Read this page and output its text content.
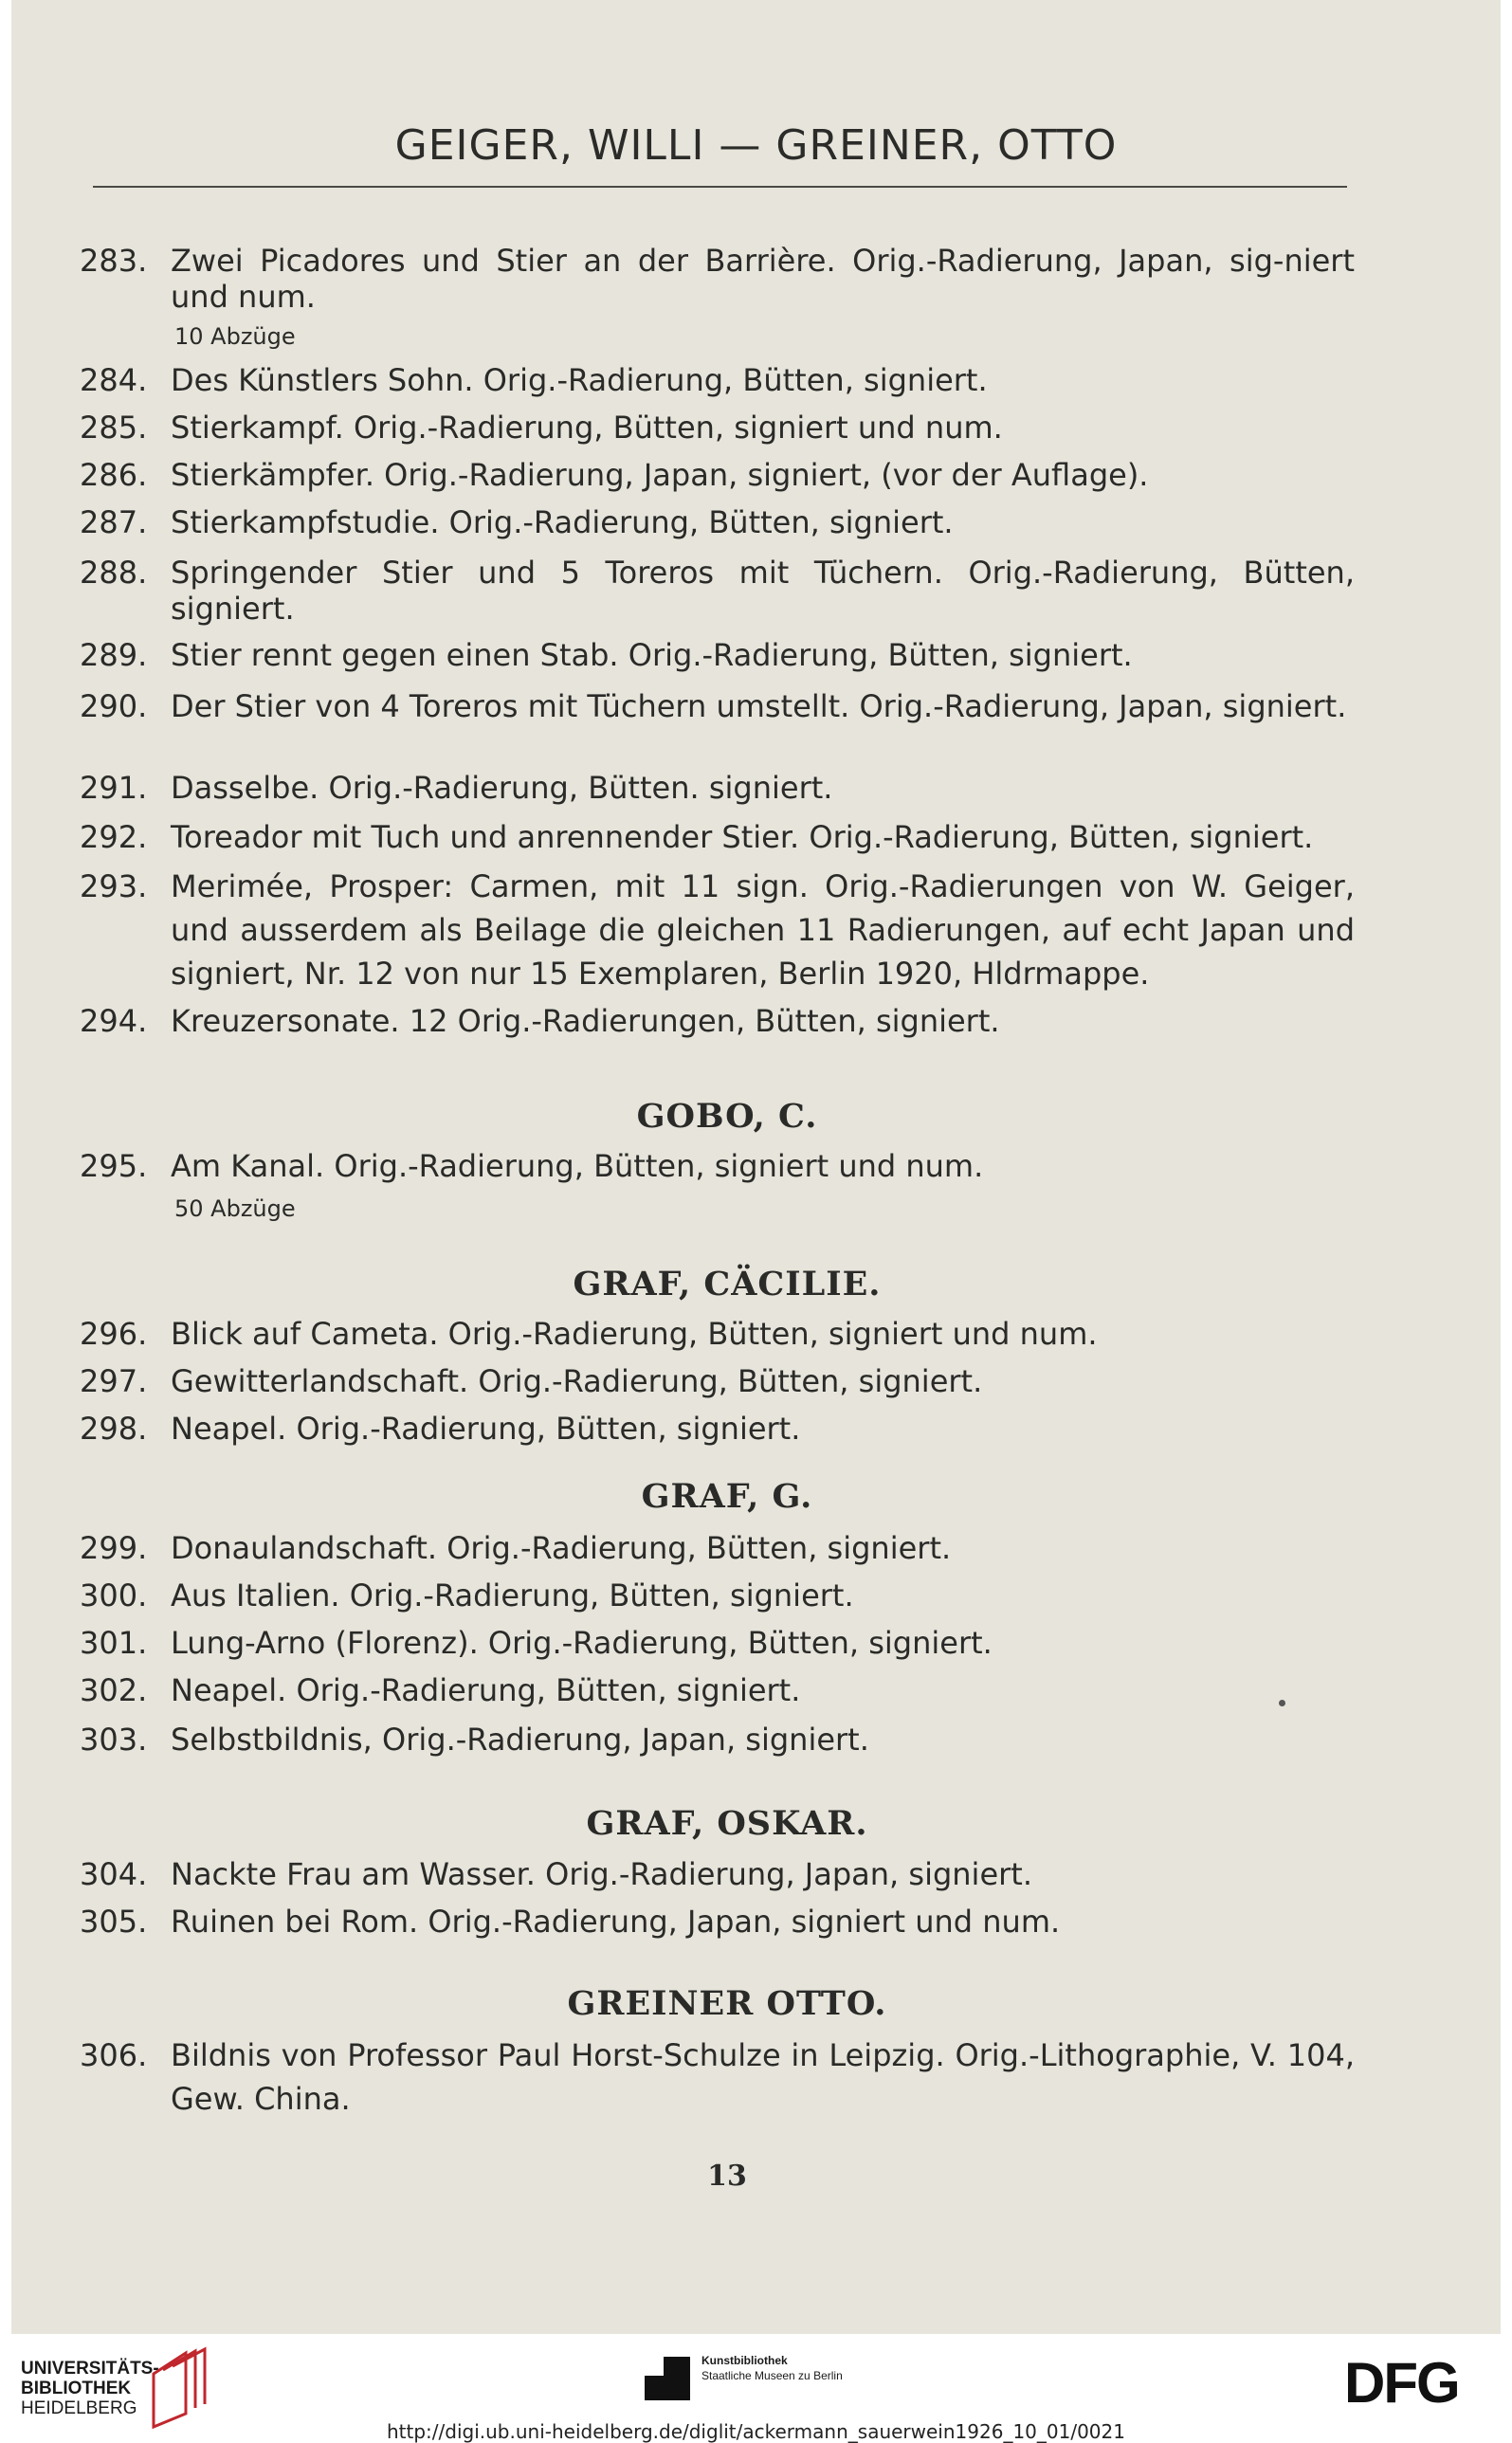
GEIGER, WILLI — GREINER, OTTO
283. Zwei Picadores und Stier an der Barrière. Orig.-Radierung, Japan, sig-niert und num.
10 Abzüge
284. Des Künstlers Sohn. Orig.-Radierung, Bütten, signiert.
285. Stierkampf. Orig.-Radierung, Bütten, signiert und num.
286. Stierkämpfer. Orig.-Radierung, Japan, signiert, (vor der Auflage).
287. Stierkampfstudie. Orig.-Radierung, Bütten, signiert.
288. Springender Stier und 5 Toreros mit Tüchern. Orig.-Radierung, Bütten, signiert.
289. Stier rennt gegen einen Stab. Orig.-Radierung, Bütten, signiert.
290. Der Stier von 4 Toreros mit Tüchern umstellt. Orig.-Radierung, Japan, signiert.
291. Dasselbe. Orig.-Radierung, Bütten. signiert.
292. Toreador mit Tuch und anrennender Stier. Orig.-Radierung, Bütten, signiert.
293. Merimée, Prosper: Carmen, mit 11 sign. Orig.-Radierungen von W. Geiger, und ausserdem als Beilage die gleichen 11 Radierungen, auf echt Japan und signiert, Nr. 12 von nur 15 Exemplaren, Berlin 1920, Hldrmappe.
294. Kreuzersonate. 12 Orig.-Radierungen, Bütten, signiert.
GOBO, C.
295. Am Kanal. Orig.-Radierung, Bütten, signiert und num.
50 Abzüge
GRAF, CÄCILIE.
296. Blick auf Cameta. Orig.-Radierung, Bütten, signiert und num.
297. Gewitterlandschaft. Orig.-Radierung, Bütten, signiert.
298. Neapel. Orig.-Radierung, Bütten, signiert.
GRAF, G.
299. Donaulandschaft. Orig.-Radierung, Bütten, signiert.
300. Aus Italien. Orig.-Radierung, Bütten, signiert.
301. Lung-Arno (Florenz). Orig.-Radierung, Bütten, signiert.
302. Neapel. Orig.-Radierung, Bütten, signiert.
303. Selbstbildnis, Orig.-Radierung, Japan, signiert.
GRAF, OSKAR.
304. Nackte Frau am Wasser. Orig.-Radierung, Japan, signiert.
305. Ruinen bei Rom. Orig.-Radierung, Japan, signiert und num.
GREINER OTTO.
306. Bildnis von Professor Paul Horst-Schulze in Leipzig. Orig.-Lithographie, V. 104, Gew. China.
13
UNIVERSITÄTS-
BIBLIOTHEK
HEIDELBERG
Kunstbibliothek
Staatliche Museen zu Berlin	DFG
http://digi.ub.uni-heidelberg.de/diglit/ackermann_sauerwein1926_10_01/0021
